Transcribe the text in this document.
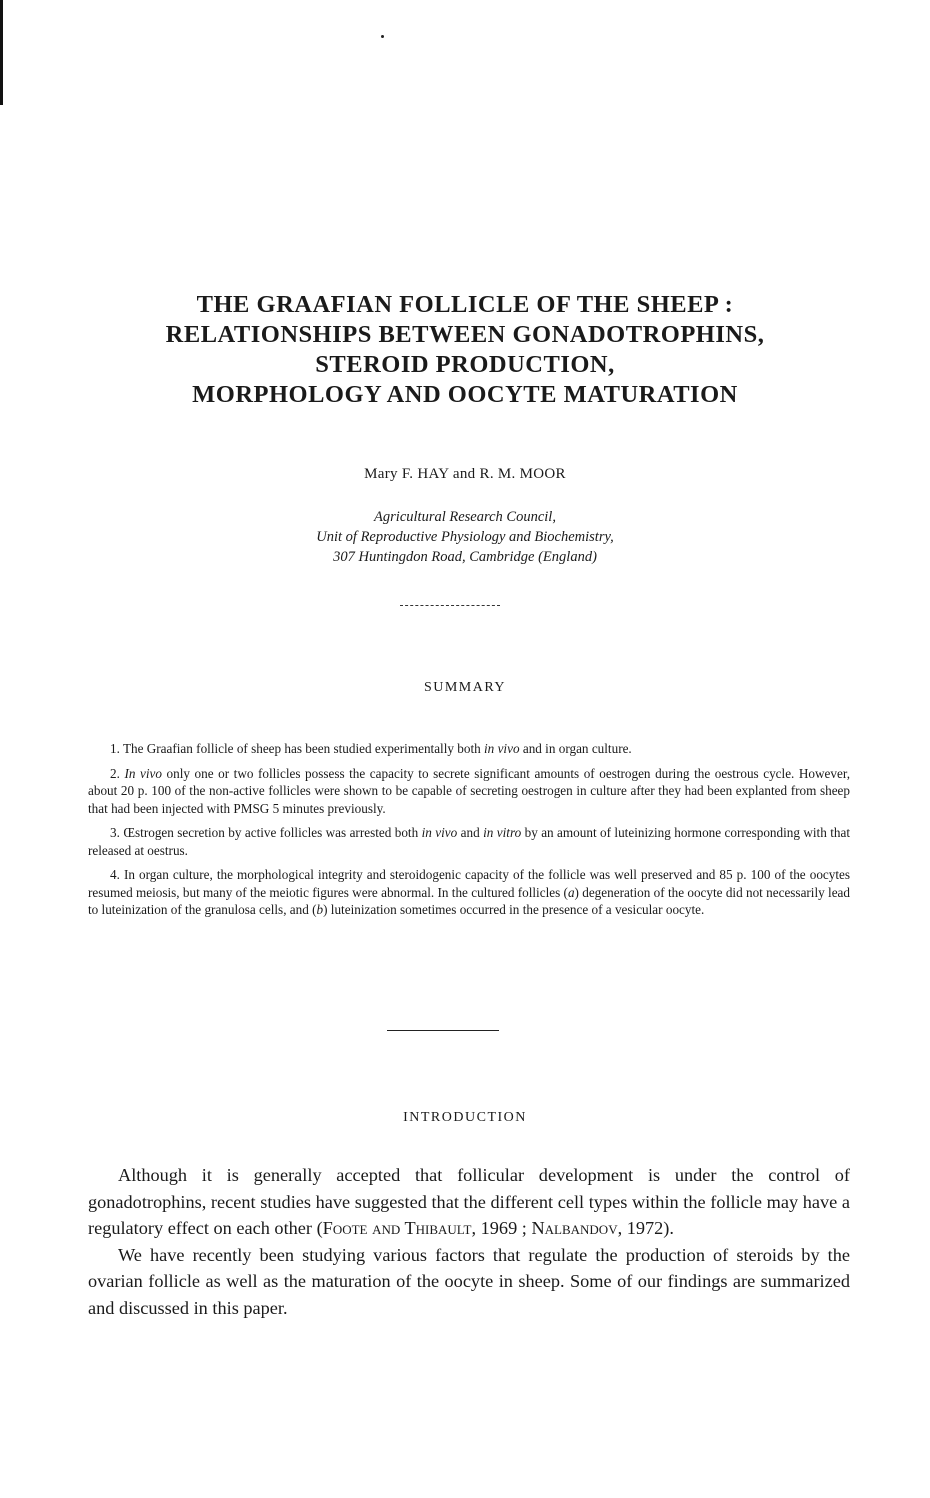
THE GRAAFIAN FOLLICLE OF THE SHEEP :
RELATIONSHIPS BETWEEN GONADOTROPHINS,
STEROID PRODUCTION,
MORPHOLOGY AND OOCYTE MATURATION
Mary F. HAY and R. M. MOOR
Agricultural Research Council,
Unit of Reproductive Physiology and Biochemistry,
307 Huntingdon Road, Cambridge (England)
SUMMARY

1. The Graafian follicle of sheep has been studied experimentally both in vivo and in organ culture.

2. In vivo only one or two follicles possess the capacity to secrete significant amounts of oestrogen during the oestrous cycle. However, about 20 p. 100 of the non-active follicles were shown to be capable of secreting oestrogen in culture after they had been explanted from sheep that had been injected with PMSG 5 minutes previously.

3. Œstrogen secretion by active follicles was arrested both in vivo and in vitro by an amount of luteinizing hormone corresponding with that released at oestrus.

4. In organ culture, the morphological integrity and steroidogenic capacity of the follicle was well preserved and 85 p. 100 of the oocytes resumed meiosis, but many of the meiotic figures were abnormal. In the cultured follicles (a) degeneration of the oocyte did not necessarily lead to luteinization of the granulosa cells, and (b) luteinization sometimes occurred in the presence of a vesicular oocyte.

INTRODUCTION

Although it is generally accepted that follicular development is under the control of gonadotrophins, recent studies have suggested that the different cell types within the follicle may have a regulatory effect on each other (Foote and Thibault, 1969 ; Nalbandov, 1972).

We have recently been studying various factors that regulate the production of steroids by the ovarian follicle as well as the maturation of the oocyte in sheep. Some of our findings are summarized and discussed in this paper.
